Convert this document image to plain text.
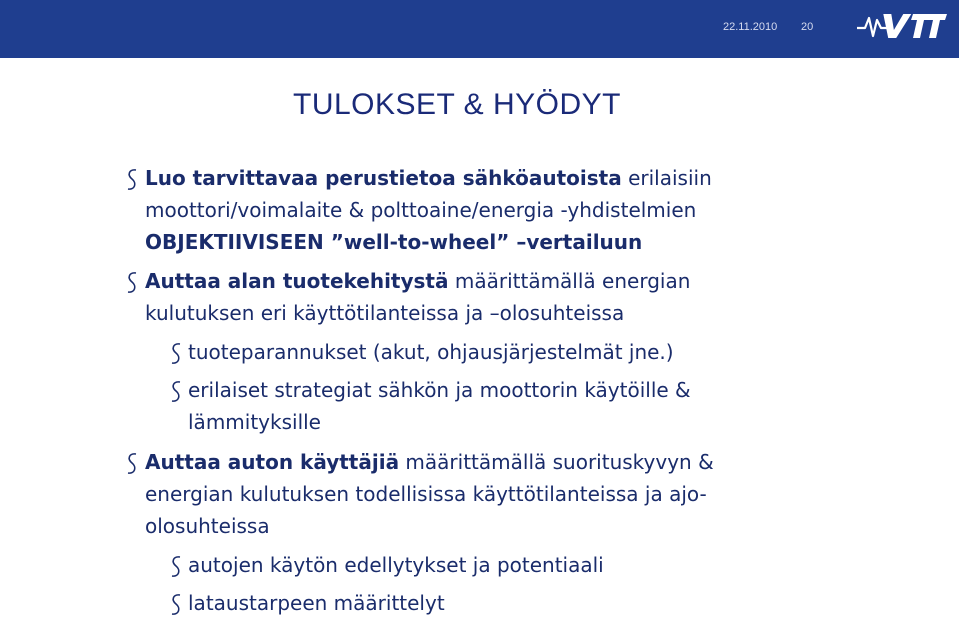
22.11.2010 20
TULOKSET & HYÖDYT
Luo tarvittavaa perustietoa sähköautoista erilaisiin
moottori/voimalaite & polttoaine/energia -yhdistelmien
OBJEKTIIVISEEN ”well-to-wheel” –vertailuun
Auttaa alan tuotekehitystä määrittämällä energian
kulutuksen eri käyttötilanteissa ja –olosuhteissa
tuoteparannukset (akut, ohjausjärjestelmät jne.)
erilaiset strategiat sähkön ja moottorin käytöille &
lämmityksille
Auttaa auton käyttäjiä määrittämällä suorituskyvyn &
energian kulutuksen todellisissa käyttötilanteissa ja ajo-
olosuhteissa
autojen käytön edellytykset ja potentiaali
lataustarpeen määrittelyt
